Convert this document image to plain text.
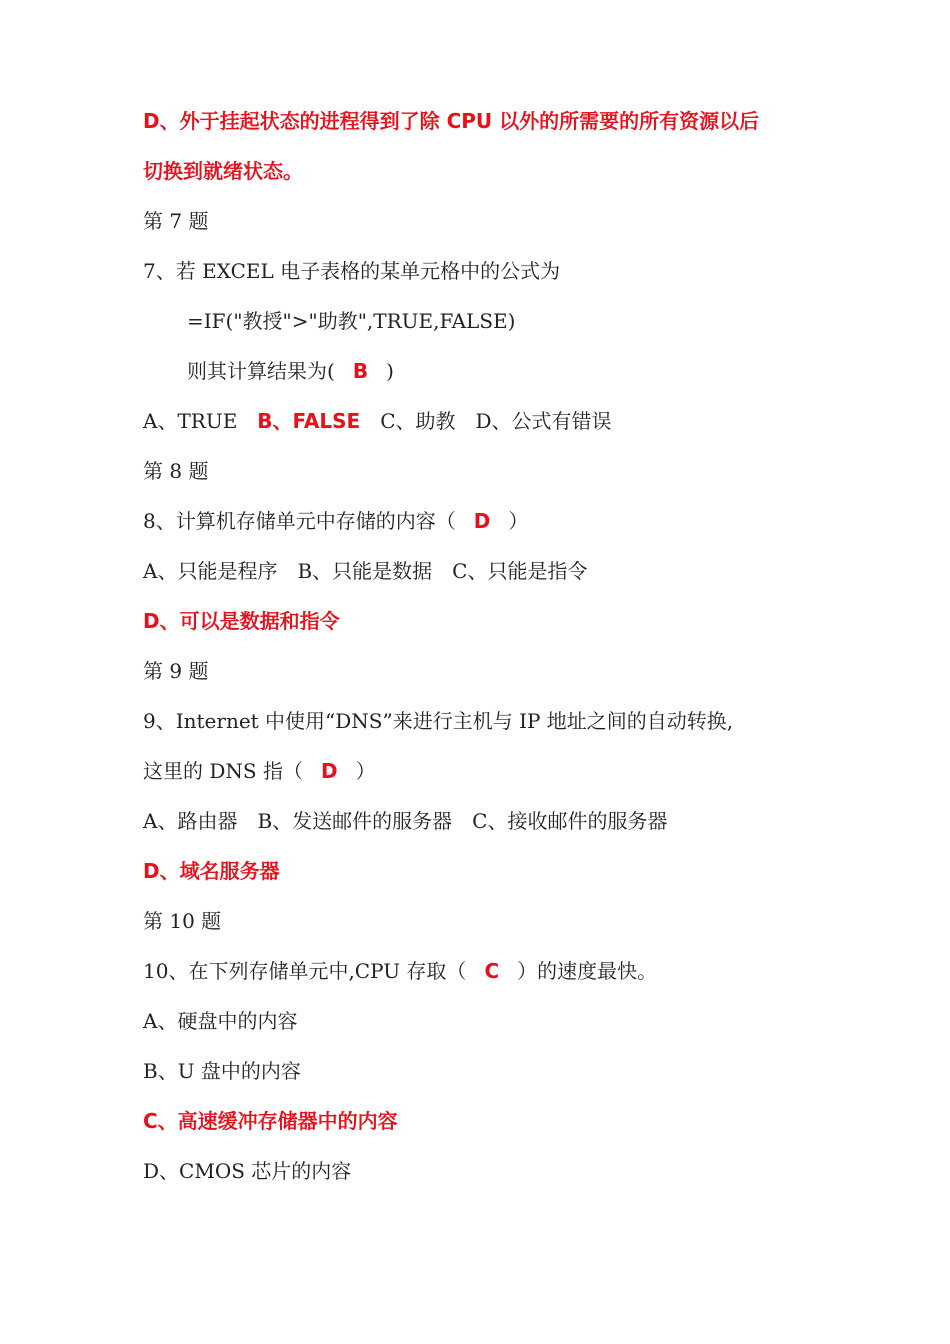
D、外于挂起状态的进程得到了除 CPU 以外的所需要的所有资源以后
切换到就绪状态。
第 7 题
7、若 EXCEL 电子表格的某单元格中的公式为
=IF("教授">"助教",TRUE,FALSE)
则其计算结果为( B )
A、TRUE B、FALSE C、助教 D、公式有错误
第 8 题
8、计算机存储单元中存储的内容（ D ）
A、只能是程序 B、只能是数据 C、只能是指令
D、可以是数据和指令
第 9 题
9、Internet 中使用“DNS”来进行主机与 IP 地址之间的自动转换,
这里的 DNS 指（ D ）
A、路由器 B、发送邮件的服务器 C、接收邮件的服务器
D、域名服务器
第 10 题
10、在下列存储单元中,CPU 存取（ C ）的速度最快。
A、硬盘中的内容
B、U 盘中的内容
C、高速缓冲存储器中的内容
D、CMOS 芯片的内容
